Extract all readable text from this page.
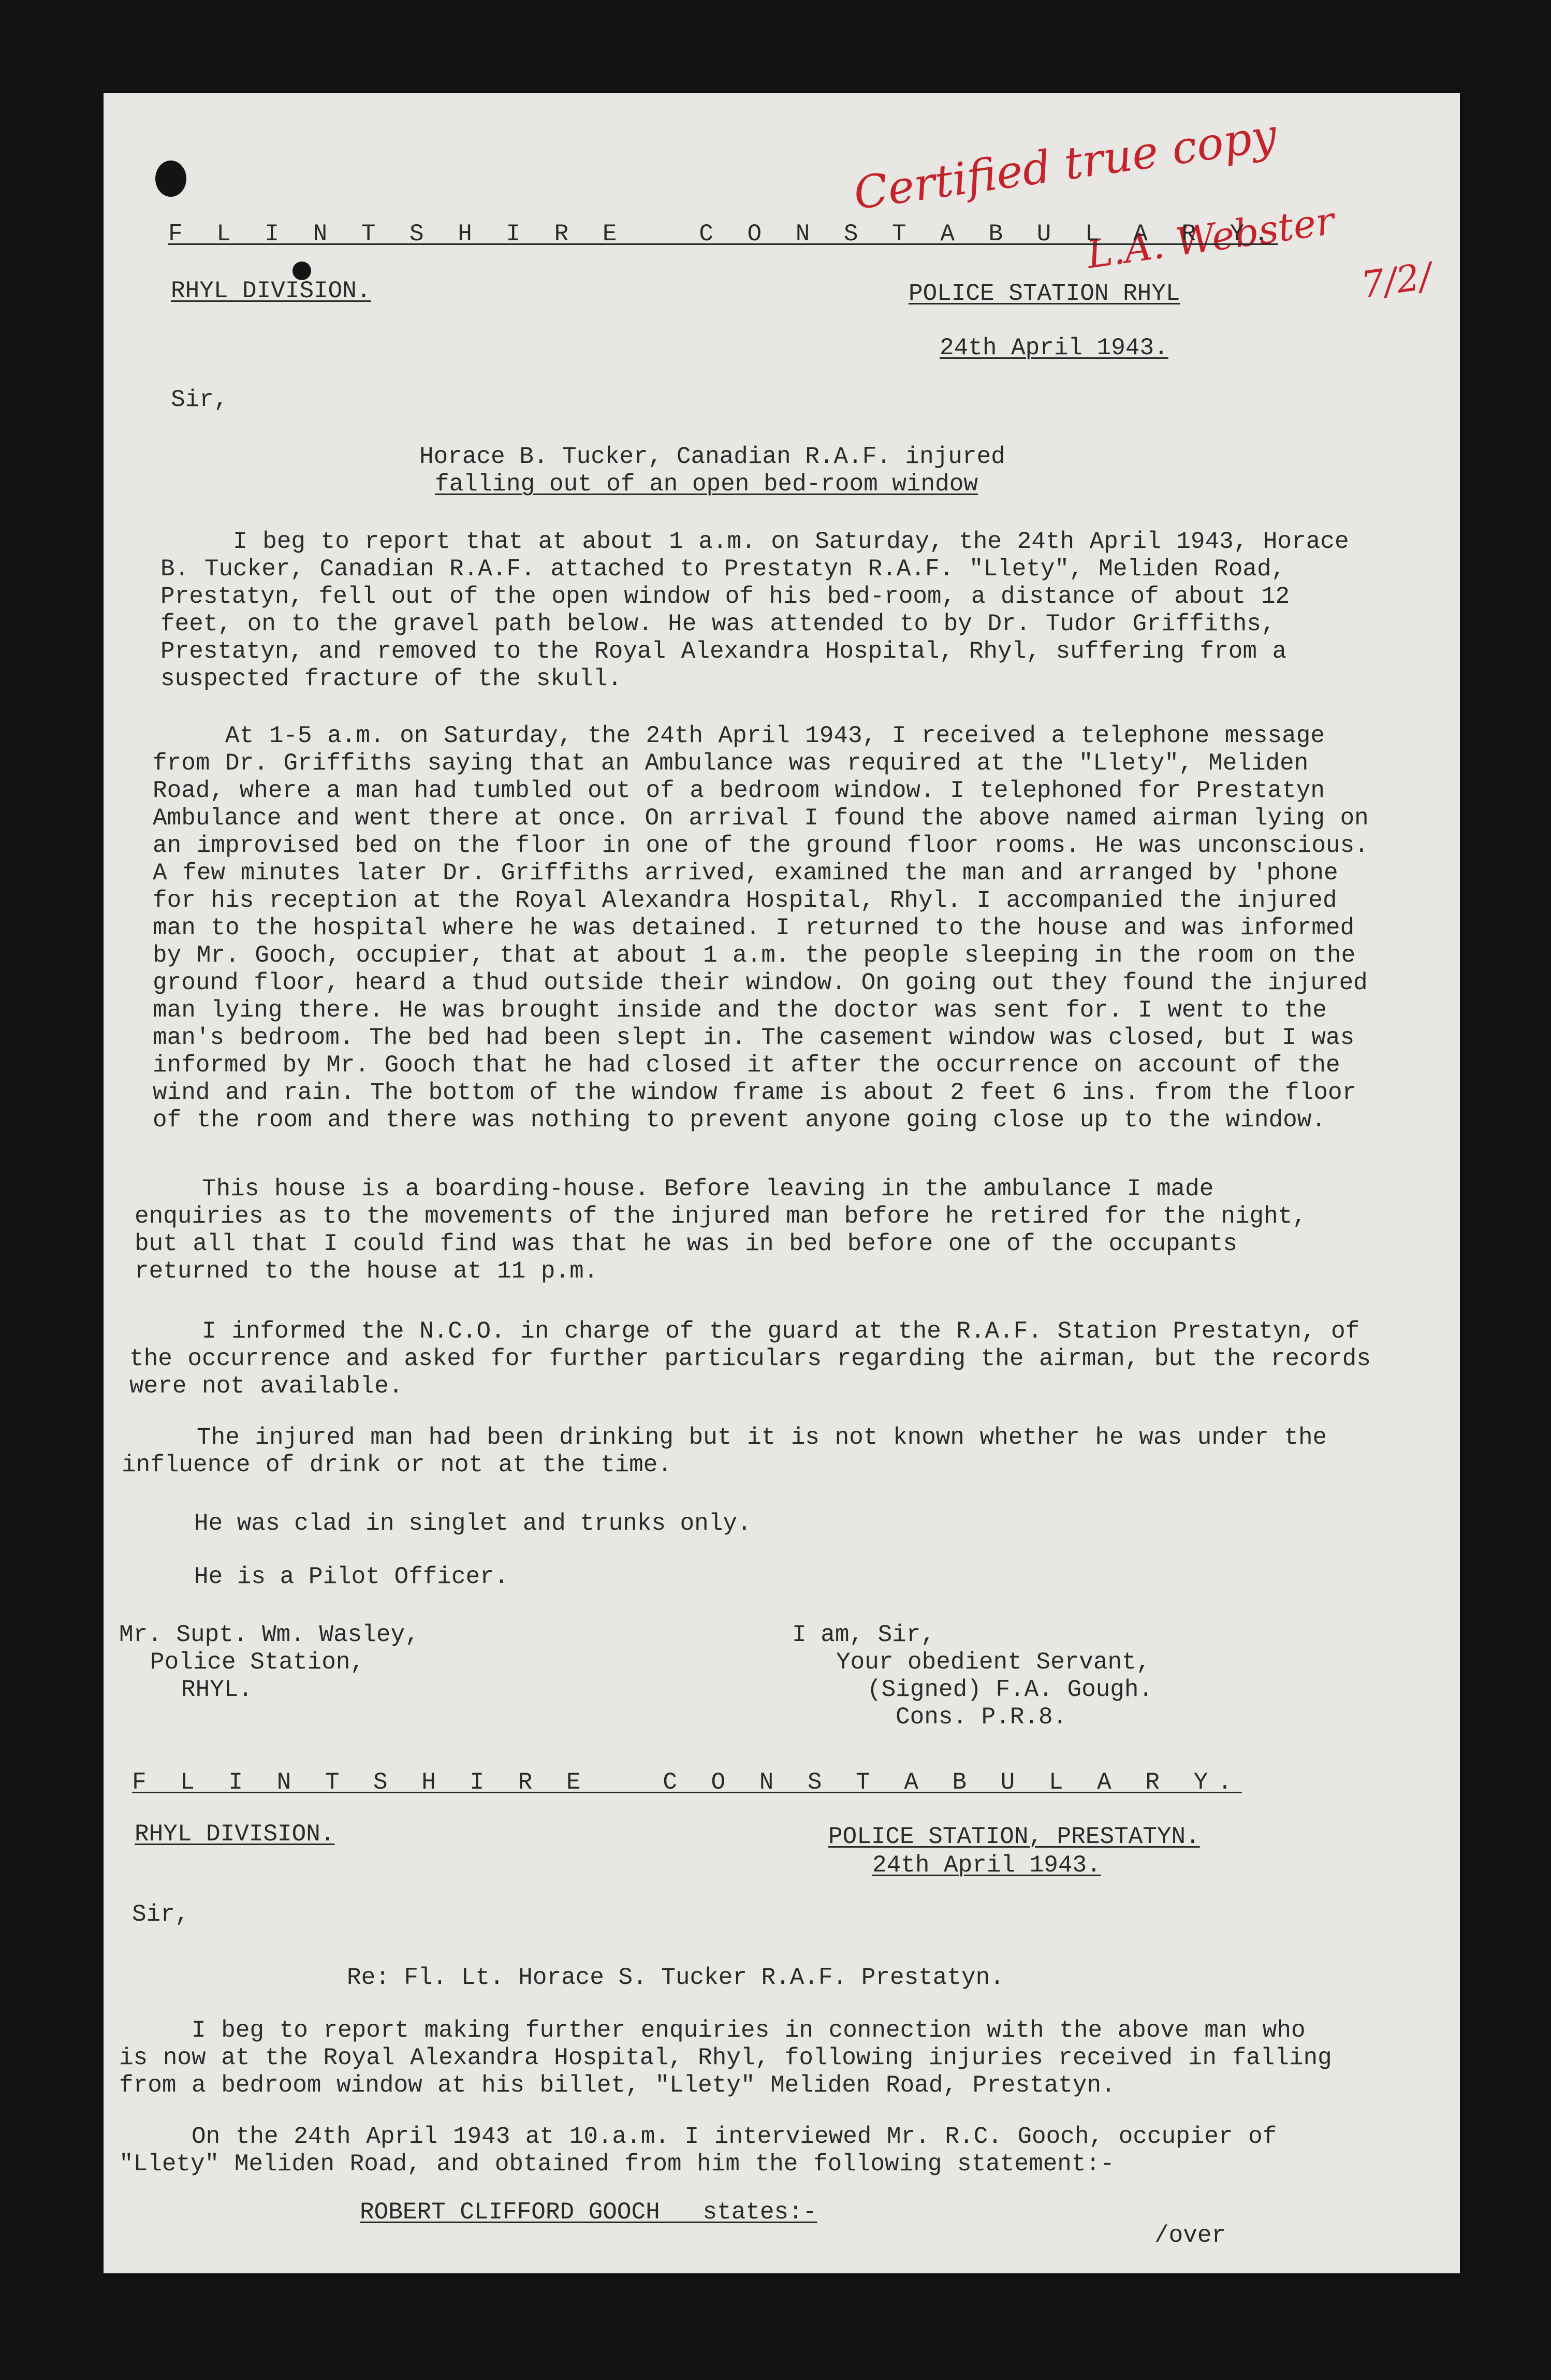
Certified true copy
L.A. Webster
7/2/
F L I N T S H I R E   C O N S T A B U L A R Y.
RHYL DIVISION.	POLICE STATION RHYL
24th April 1943.
Sir,
Horace B. Tucker, Canadian R.A.F. injured
falling out of an open bed-room window
I beg to report that at about 1 a.m. on Saturday, the 24th April 1943, Horace B. Tucker, Canadian R.A.F. attached to Prestatyn R.A.F. "Llety", Meliden Road, Prestatyn, fell out of the open window of his bed-room, a distance of about 12 feet, on to the gravel path below. He was attended to by Dr. Tudor Griffiths, Prestatyn, and removed to the Royal Alexandra Hospital, Rhyl, suffering from a suspected fracture of the skull.
At 1-5 a.m. on Saturday, the 24th April 1943, I received a telephone message from Dr. Griffiths saying that an Ambulance was required at the "Llety", Meliden Road, where a man had tumbled out of a bedroom window. I telephoned for Prestatyn Ambulance and went there at once. On arrival I found the above named airman lying on an improvised bed on the floor in one of the ground floor rooms. He was unconscious. A few minutes later Dr. Griffiths arrived, examined the man and arranged by 'phone for his reception at the Royal Alexandra Hospital, Rhyl. I accompanied the injured man to the hospital where he was detained. I returned to the house and was informed by Mr. Gooch, occupier, that at about 1 a.m. the people sleeping in the room on the ground floor, heard a thud outside their window. On going out they found the injured man lying there. He was brought inside and the doctor was sent for. I went to the man's bedroom. The bed had been slept in. The casement window was closed, but I was informed by Mr. Gooch that he had closed it after the occurrence on account of the wind and rain. The bottom of the window frame is about 2 feet 6 ins. from the floor of the room and there was nothing to prevent anyone going close up to the window.
This house is a boarding-house. Before leaving in the ambulance I made enquiries as to the movements of the injured man before he retired for the night, but all that I could find was that he was in bed before one of the occupants returned to the house at 11 p.m.
I informed the N.C.O. in charge of the guard at the R.A.F. Station Prestatyn, of the occurrence and asked for further particulars regarding the airman, but the records were not available.
The injured man had been drinking but it is not known whether he was under the influence of drink or not at the time.
He was clad in singlet and trunks only.
He is a Pilot Officer.
Mr. Supt. Wm. Wasley,
Police Station,
RHYL.
I am, Sir,
Your obedient Servant,
(Signed) F.A. Gough.
Cons. P.R.8.
F L I N T S H I R E   C O N S T A B U L A R Y.
RHYL DIVISION.	POLICE STATION, PRESTATYN.
24th April 1943.
Sir,
Re: Fl. Lt. Horace S. Tucker R.A.F. Prestatyn.
I beg to report making further enquiries in connection with the above man who is now at the Royal Alexandra Hospital, Rhyl, following injuries received in falling from a bedroom window at his billet, "Llety" Meliden Road, Prestatyn.
On the 24th April 1943 at 10.a.m. I interviewed Mr. R.C. Gooch, occupier of "Llety" Meliden Road, and obtained from him the following statement:-
ROBERT CLIFFORD GOOCH   states:-
/over
